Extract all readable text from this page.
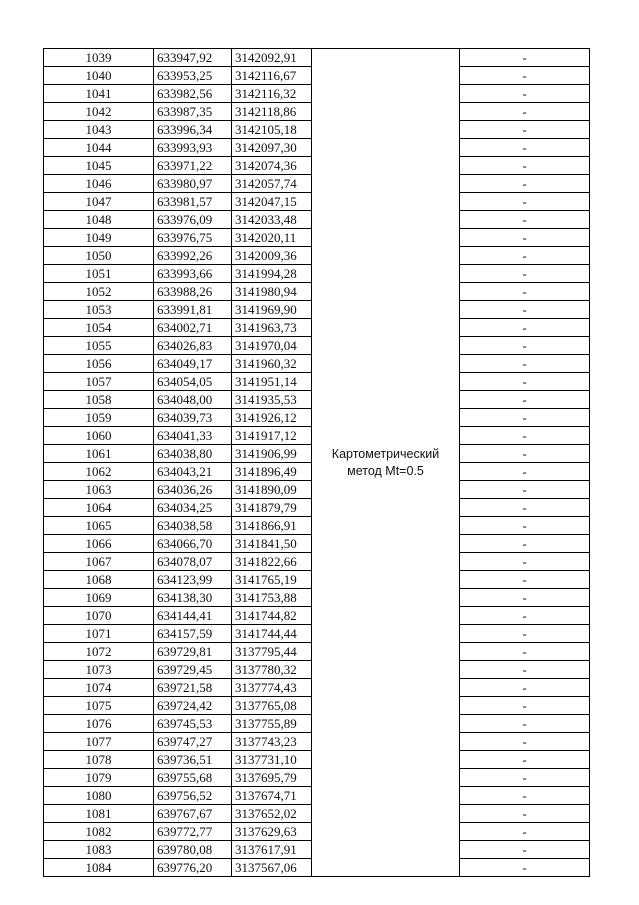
1039	633947,92	3142092,91	Картометрический метод Mt=0.5	-
1040	633953,25	3142116,67		-
1041	633982,56	3142116,32		-
1042	633987,35	3142118,86		-
1043	633996,34	3142105,18		-
1044	633993,93	3142097,30		-
1045	633971,22	3142074,36		-
1046	633980,97	3142057,74		-
1047	633981,57	3142047,15		-
1048	633976,09	3142033,48		-
1049	633976,75	3142020,11		-
1050	633992,26	3142009,36		-
1051	633993,66	3141994,28		-
1052	633988,26	3141980,94		-
1053	633991,81	3141969,90		-
1054	634002,71	3141963,73		-
1055	634026,83	3141970,04		-
1056	634049,17	3141960,32		-
1057	634054,05	3141951,14		-
1058	634048,00	3141935,53		-
1059	634039,73	3141926,12		-
1060	634041,33	3141917,12		-
1061	634038,80	3141906,99		-
1062	634043,21	3141896,49		-
1063	634036,26	3141890,09		-
1064	634034,25	3141879,79		-
1065	634038,58	3141866,91		-
1066	634066,70	3141841,50		-
1067	634078,07	3141822,66		-
1068	634123,99	3141765,19		-
1069	634138,30	3141753,88		-
1070	634144,41	3141744,82		-
1071	634157,59	3141744,44		-
1072	639729,81	3137795,44		-
1073	639729,45	3137780,32		-
1074	639721,58	3137774,43		-
1075	639724,42	3137765,08		-
1076	639745,53	3137755,89		-
1077	639747,27	3137743,23		-
1078	639736,51	3137731,10		-
1079	639755,68	3137695,79		-
1080	639756,52	3137674,71		-
1081	639767,67	3137652,02		-
1082	639772,77	3137629,63		-
1083	639780,08	3137617,91		-
1084	639776,20	3137567,06		-
